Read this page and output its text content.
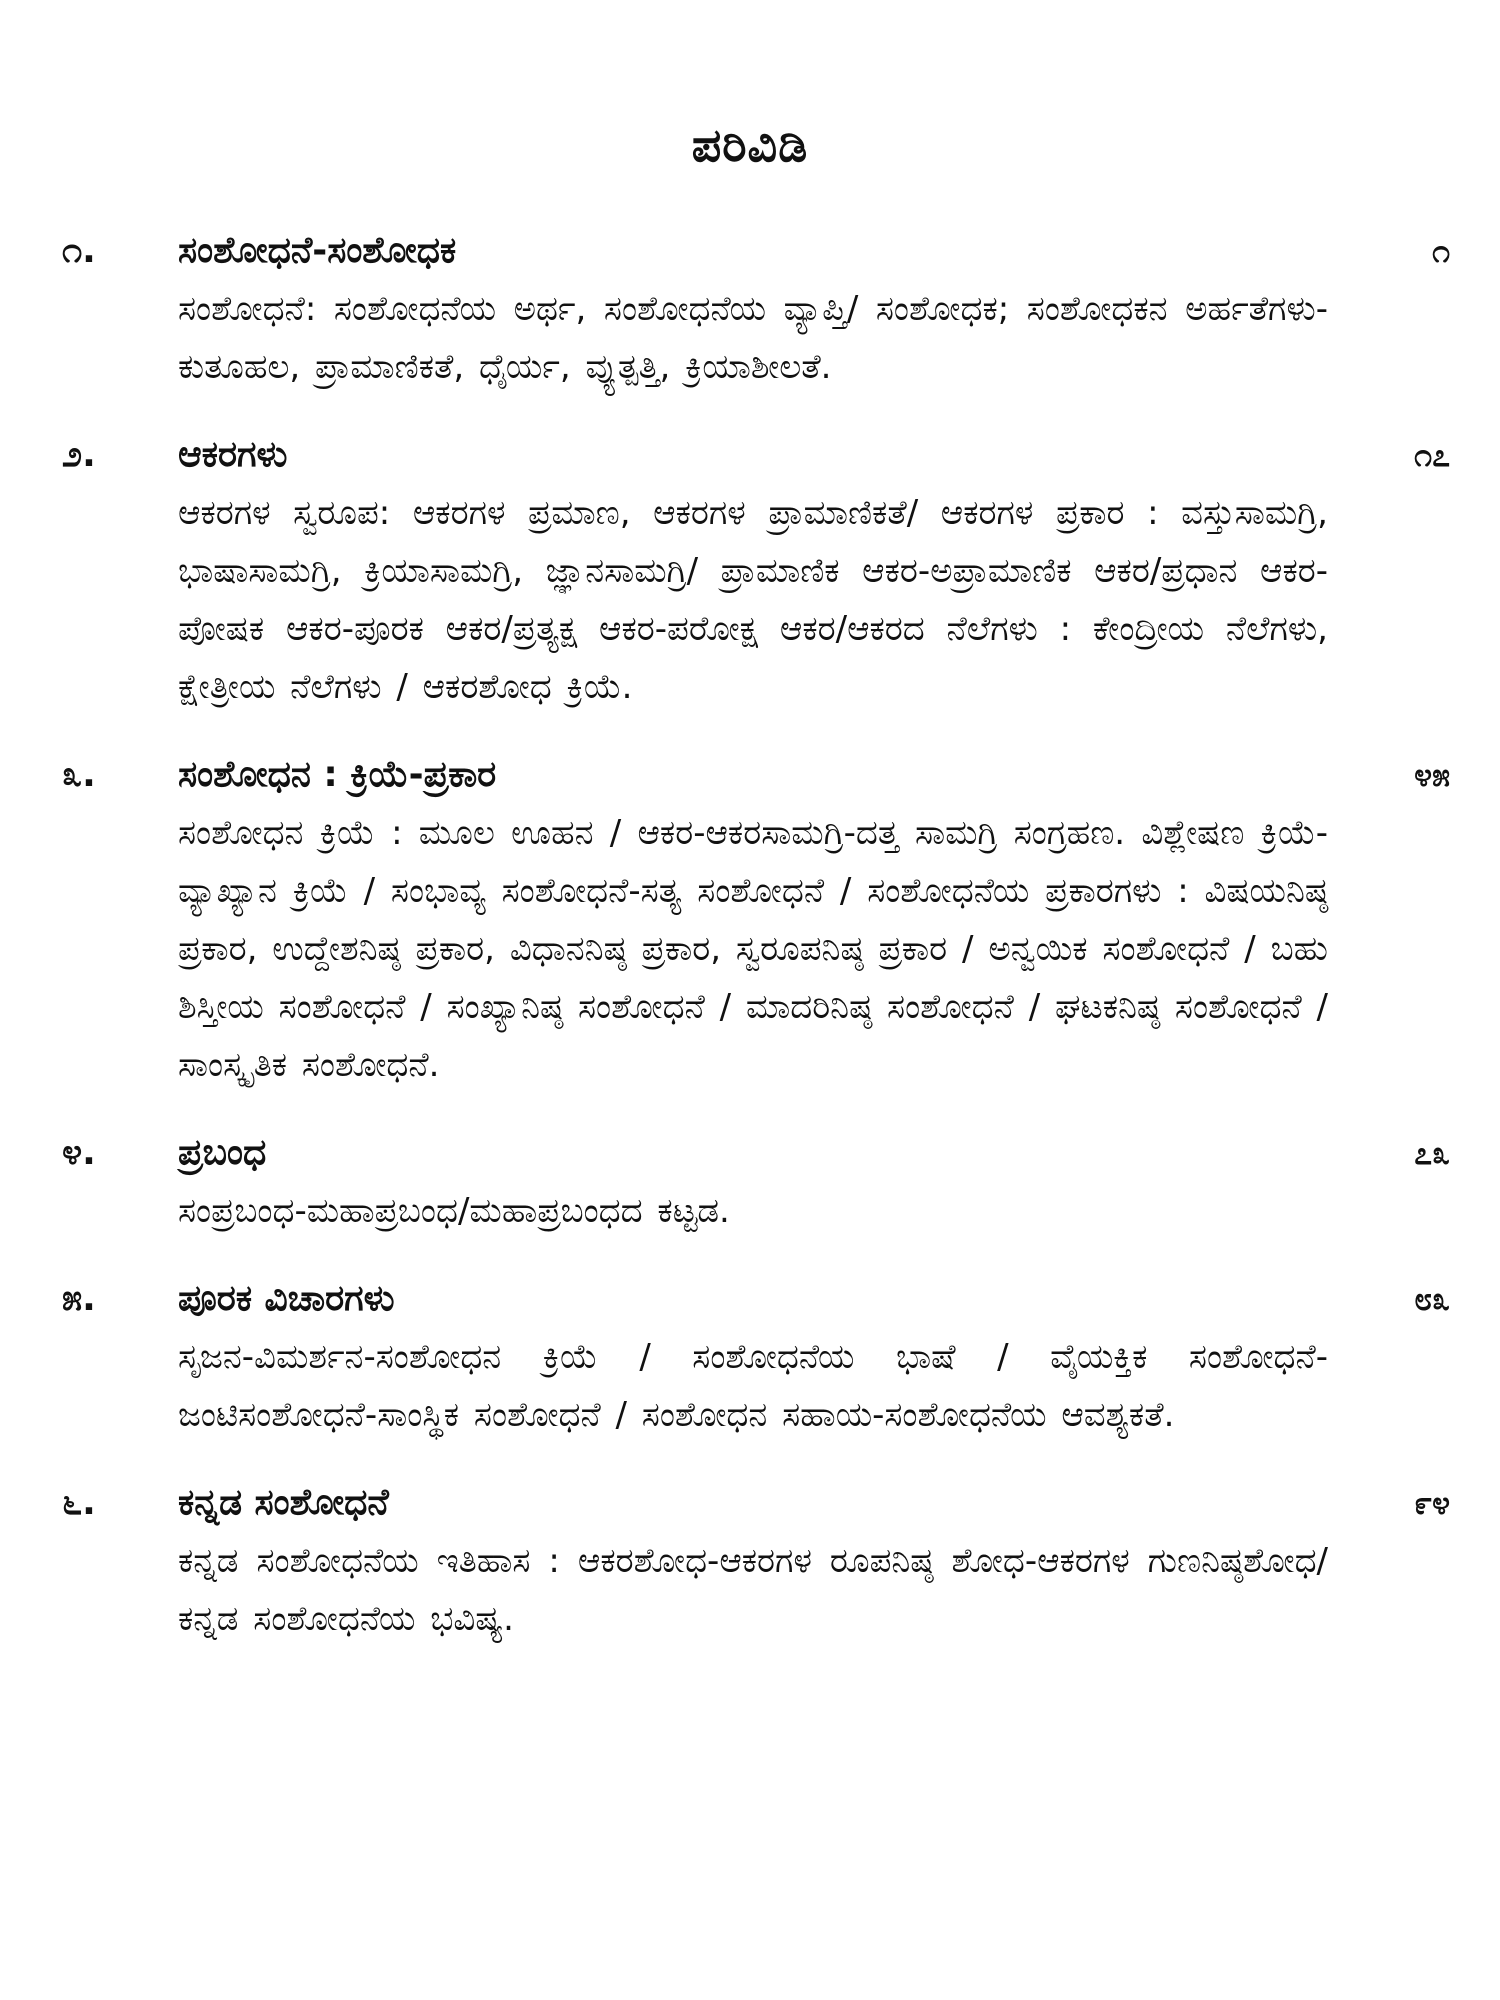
ಪರಿವಿಡಿ
೧.	ಸಂಶೋಧನೆ-ಸಂಶೋಧಕ	೧
ಸಂಶೋಧನೆ: ಸಂಶೋಧನೆಯ ಅರ್ಥ, ಸಂಶೋಧನೆಯ ವ್ಯಾಪ್ತಿ/ ಸಂಶೋಧಕ; ಸಂಶೋಧಕನ ಅರ್ಹತೆಗಳು-ಕುತೂಹಲ, ಪ್ರಾಮಾಣಿಕತೆ, ಧೈರ್ಯ, ವ್ಯುತ್ಪತ್ತಿ, ಕ್ರಿಯಾಶೀಲತೆ.
೨.	ಆಕರಗಳು	೧೭
ಆಕರಗಳ ಸ್ವರೂಪ: ಆಕರಗಳ ಪ್ರಮಾಣ, ಆಕರಗಳ ಪ್ರಾಮಾಣಿಕತೆ/ ಆಕರಗಳ ಪ್ರಕಾರ : ವಸ್ತುಸಾಮಗ್ರಿ, ಭಾಷಾಸಾಮಗ್ರಿ, ಕ್ರಿಯಾಸಾಮಗ್ರಿ, ಜ್ಞಾನಸಾಮಗ್ರಿ/ ಪ್ರಾಮಾಣಿಕ ಆಕರ-ಅಪ್ರಾಮಾಣಿಕ ಆಕರ/ಪ್ರಧಾನ ಆಕರ-ಪೋಷಕ ಆಕರ-ಪೂರಕ ಆಕರ/ಪ್ರತ್ಯಕ್ಷ ಆಕರ-ಪರೋಕ್ಷ ಆಕರ/ಆಕರದ ನೆಲೆಗಳು : ಕೇಂದ್ರೀಯ ನೆಲೆಗಳು, ಕ್ಷೇತ್ರೀಯ ನೆಲೆಗಳು / ಆಕರಶೋಧ ಕ್ರಿಯೆ.
೩.	ಸಂಶೋಧನ : ಕ್ರಿಯೆ-ಪ್ರಕಾರ	೪೫
ಸಂಶೋಧನ ಕ್ರಿಯೆ : ಮೂಲ ಊಹನ / ಆಕರ-ಆಕರಸಾಮಗ್ರಿ-ದತ್ತ ಸಾಮಗ್ರಿ ಸಂಗ್ರಹಣ. ವಿಶ್ಲೇಷಣ ಕ್ರಿಯೆ-ವ್ಯಾಖ್ಯಾನ ಕ್ರಿಯೆ / ಸಂಭಾವ್ಯ ಸಂಶೋಧನೆ-ಸತ್ಯ ಸಂಶೋಧನೆ / ಸಂಶೋಧನೆಯ ಪ್ರಕಾರಗಳು : ವಿಷಯನಿಷ್ಠ ಪ್ರಕಾರ, ಉದ್ದೇಶನಿಷ್ಠ ಪ್ರಕಾರ, ವಿಧಾನನಿಷ್ಠ ಪ್ರಕಾರ, ಸ್ವರೂಪನಿಷ್ಠ ಪ್ರಕಾರ / ಅನ್ವಯಿಕ ಸಂಶೋಧನೆ / ಬಹು ಶಿಸ್ತೀಯ ಸಂಶೋಧನೆ / ಸಂಖ್ಯಾನಿಷ್ಠ ಸಂಶೋಧನೆ / ಮಾದರಿನಿಷ್ಠ ಸಂಶೋಧನೆ / ಘಟಕನಿಷ್ಠ ಸಂಶೋಧನೆ / ಸಾಂಸ್ಕೃತಿಕ ಸಂಶೋಧನೆ.
೪.	ಪ್ರಬಂಧ	೭೩
ಸಂಪ್ರಬಂಧ-ಮಹಾಪ್ರಬಂಧ/ಮಹಾಪ್ರಬಂಧದ ಕಟ್ಟಡ.
೫.	ಪೂರಕ ವಿಚಾರಗಳು	೮೩
ಸೃಜನ-ವಿಮರ್ಶನ-ಸಂಶೋಧನ ಕ್ರಿಯೆ / ಸಂಶೋಧನೆಯ ಭಾಷೆ / ವೈಯಕ್ತಿಕ ಸಂಶೋಧನೆ-ಜಂಟಿಸಂಶೋಧನೆ-ಸಾಂಸ್ಥಿಕ ಸಂಶೋಧನೆ / ಸಂಶೋಧನ ಸಹಾಯ-ಸಂಶೋಧನೆಯ ಆವಶ್ಯಕತೆ.
೬.	ಕನ್ನಡ ಸಂಶೋಧನೆ	೯೪
ಕನ್ನಡ ಸಂಶೋಧನೆಯ ಇತಿಹಾಸ : ಆಕರಶೋಧ-ಆಕರಗಳ ರೂಪನಿಷ್ಠ ಶೋಧ-ಆಕರಗಳ ಗುಣನಿಷ್ಠಶೋಧ/ಕನ್ನಡ ಸಂಶೋಧನೆಯ ಭವಿಷ್ಯ.
